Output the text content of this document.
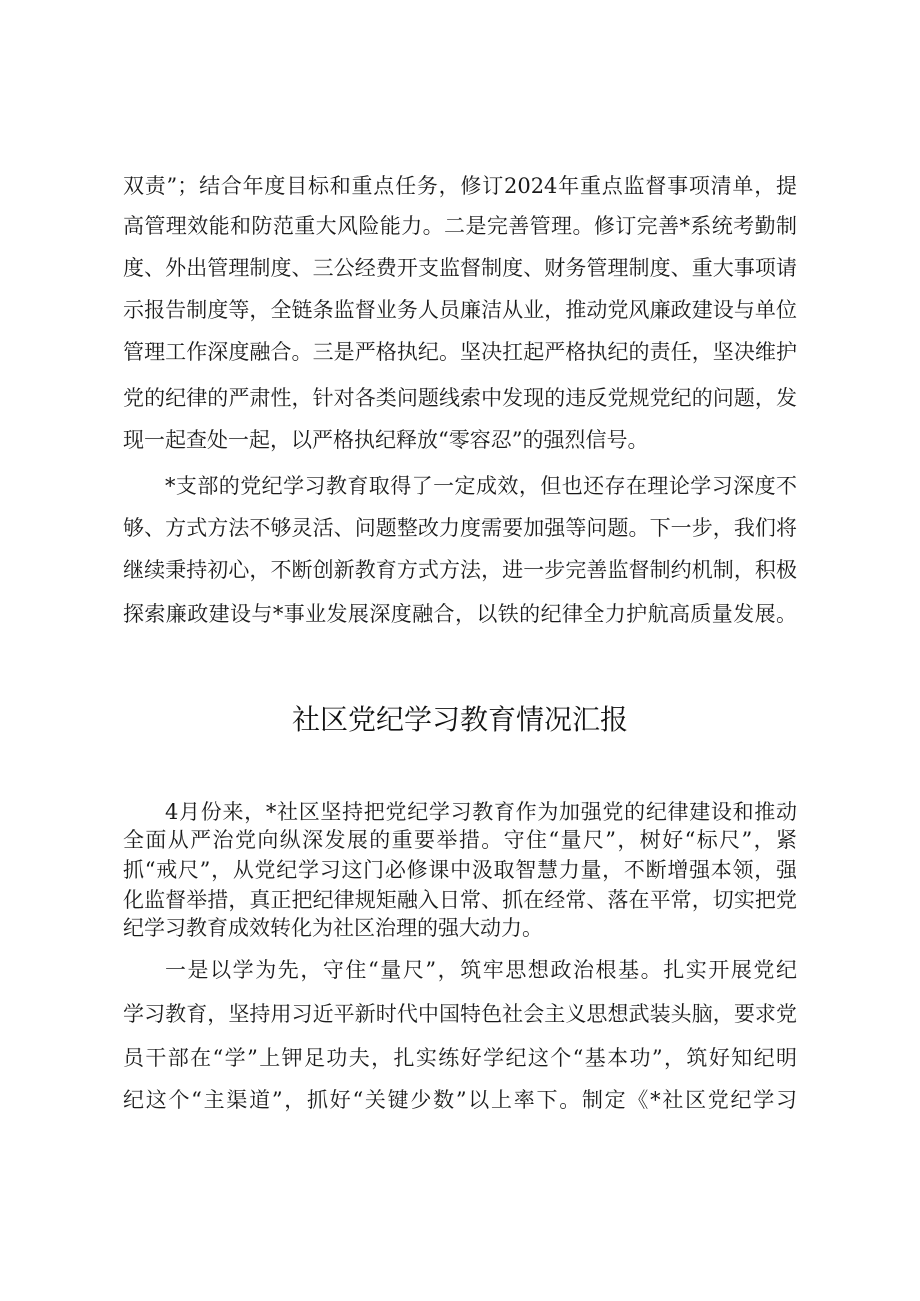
双责”；结合年度目标和重点任务，修订2024年重点监督事项清单，提
高管理效能和防范重大风险能力。二是完善管理。修订完善*系统考勤制
度、外出管理制度、三公经费开支监督制度、财务管理制度、重大事项请
示报告制度等，全链条监督业务人员廉洁从业，推动党风廉政建设与单位
管理工作深度融合。三是严格执纪。坚决扛起严格执纪的责任，坚决维护
党的纪律的严肃性，针对各类问题线索中发现的违反党规党纪的问题，发
现一起查处一起，以严格执纪释放“零容忍”的强烈信号。
*支部的党纪学习教育取得了一定成效，但也还存在理论学习深度不
够、方式方法不够灵活、问题整改力度需要加强等问题。下一步，我们将
继续秉持初心，不断创新教育方式方法，进一步完善监督制约机制，积极
探索廉政建设与*事业发展深度融合，以铁的纪律全力护航高质量发展。
社区党纪学习教育情况汇报
4月份来，*社区坚持把党纪学习教育作为加强党的纪律建设和推动
全面从严治党向纵深发展的重要举措。守住“量尺”，树好“标尺”，紧
抓“戒尺”，从党纪学习这门必修课中汲取智慧力量，不断增强本领，强
化监督举措，真正把纪律规矩融入日常、抓在经常、落在平常，切实把党
纪学习教育成效转化为社区治理的强大动力。
一是以学为先，守住“量尺”，筑牢思想政治根基。扎实开展党纪
学习教育，坚持用习近平新时代中国特色社会主义思想武装头脑，要求党
员干部在“学”上钾足功夫，扎实练好学纪这个“基本功”，筑好知纪明
纪这个“主渠道”，抓好“关键少数”以上率下。制定《*社区党纪学习
